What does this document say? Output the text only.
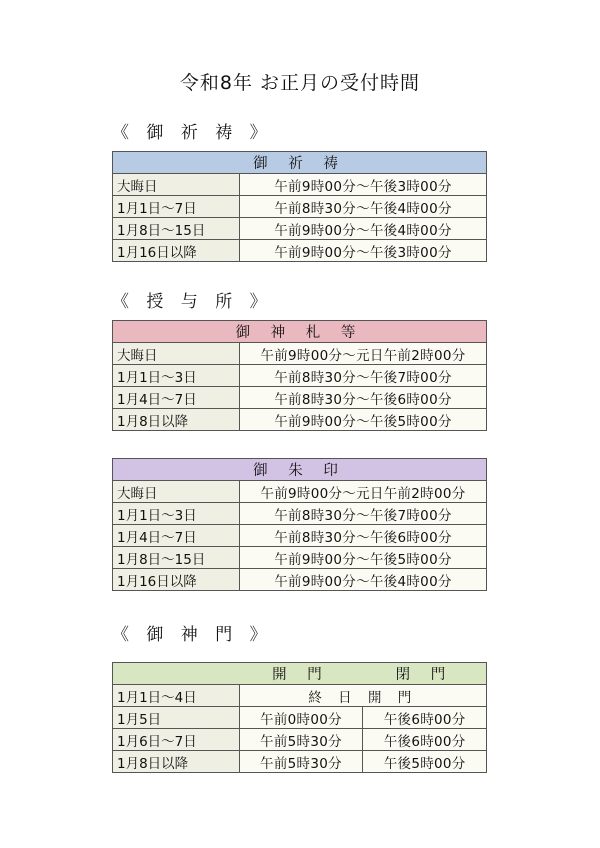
令和8年 お正月の受付時間
《 御 祈 祷 》
御 祈 祷	
大晦日	午前9時00分～午後3時00分
1月1日～7日	午前8時30分～午後4時00分
1月8日～15日	午前9時00分～午後4時00分
1月16日以降	午前9時00分～午後3時00分
《 授 与 所 》
御 神 札 等	
大晦日	午前9時00分～元日午前2時00分
1月1日～3日	午前8時30分～午後7時00分
1月4日～7日	午前8時30分～午後6時00分
1月8日以降	午前9時00分～午後5時00分
御 朱 印	
大晦日	午前9時00分～元日午前2時00分
1月1日～3日	午前8時30分～午後7時00分
1月4日～7日	午前8時30分～午後6時00分
1月8日～15日	午前9時00分～午後5時00分
1月16日以降	午前9時00分～午後4時00分
《 御 神 門 》
	開 門	閉 門
1月1日～4日	終 日 開 門	
1月5日	午前0時00分	午後6時00分
1月6日～7日	午前5時30分	午後6時00分
1月8日以降	午前5時30分	午後5時00分
